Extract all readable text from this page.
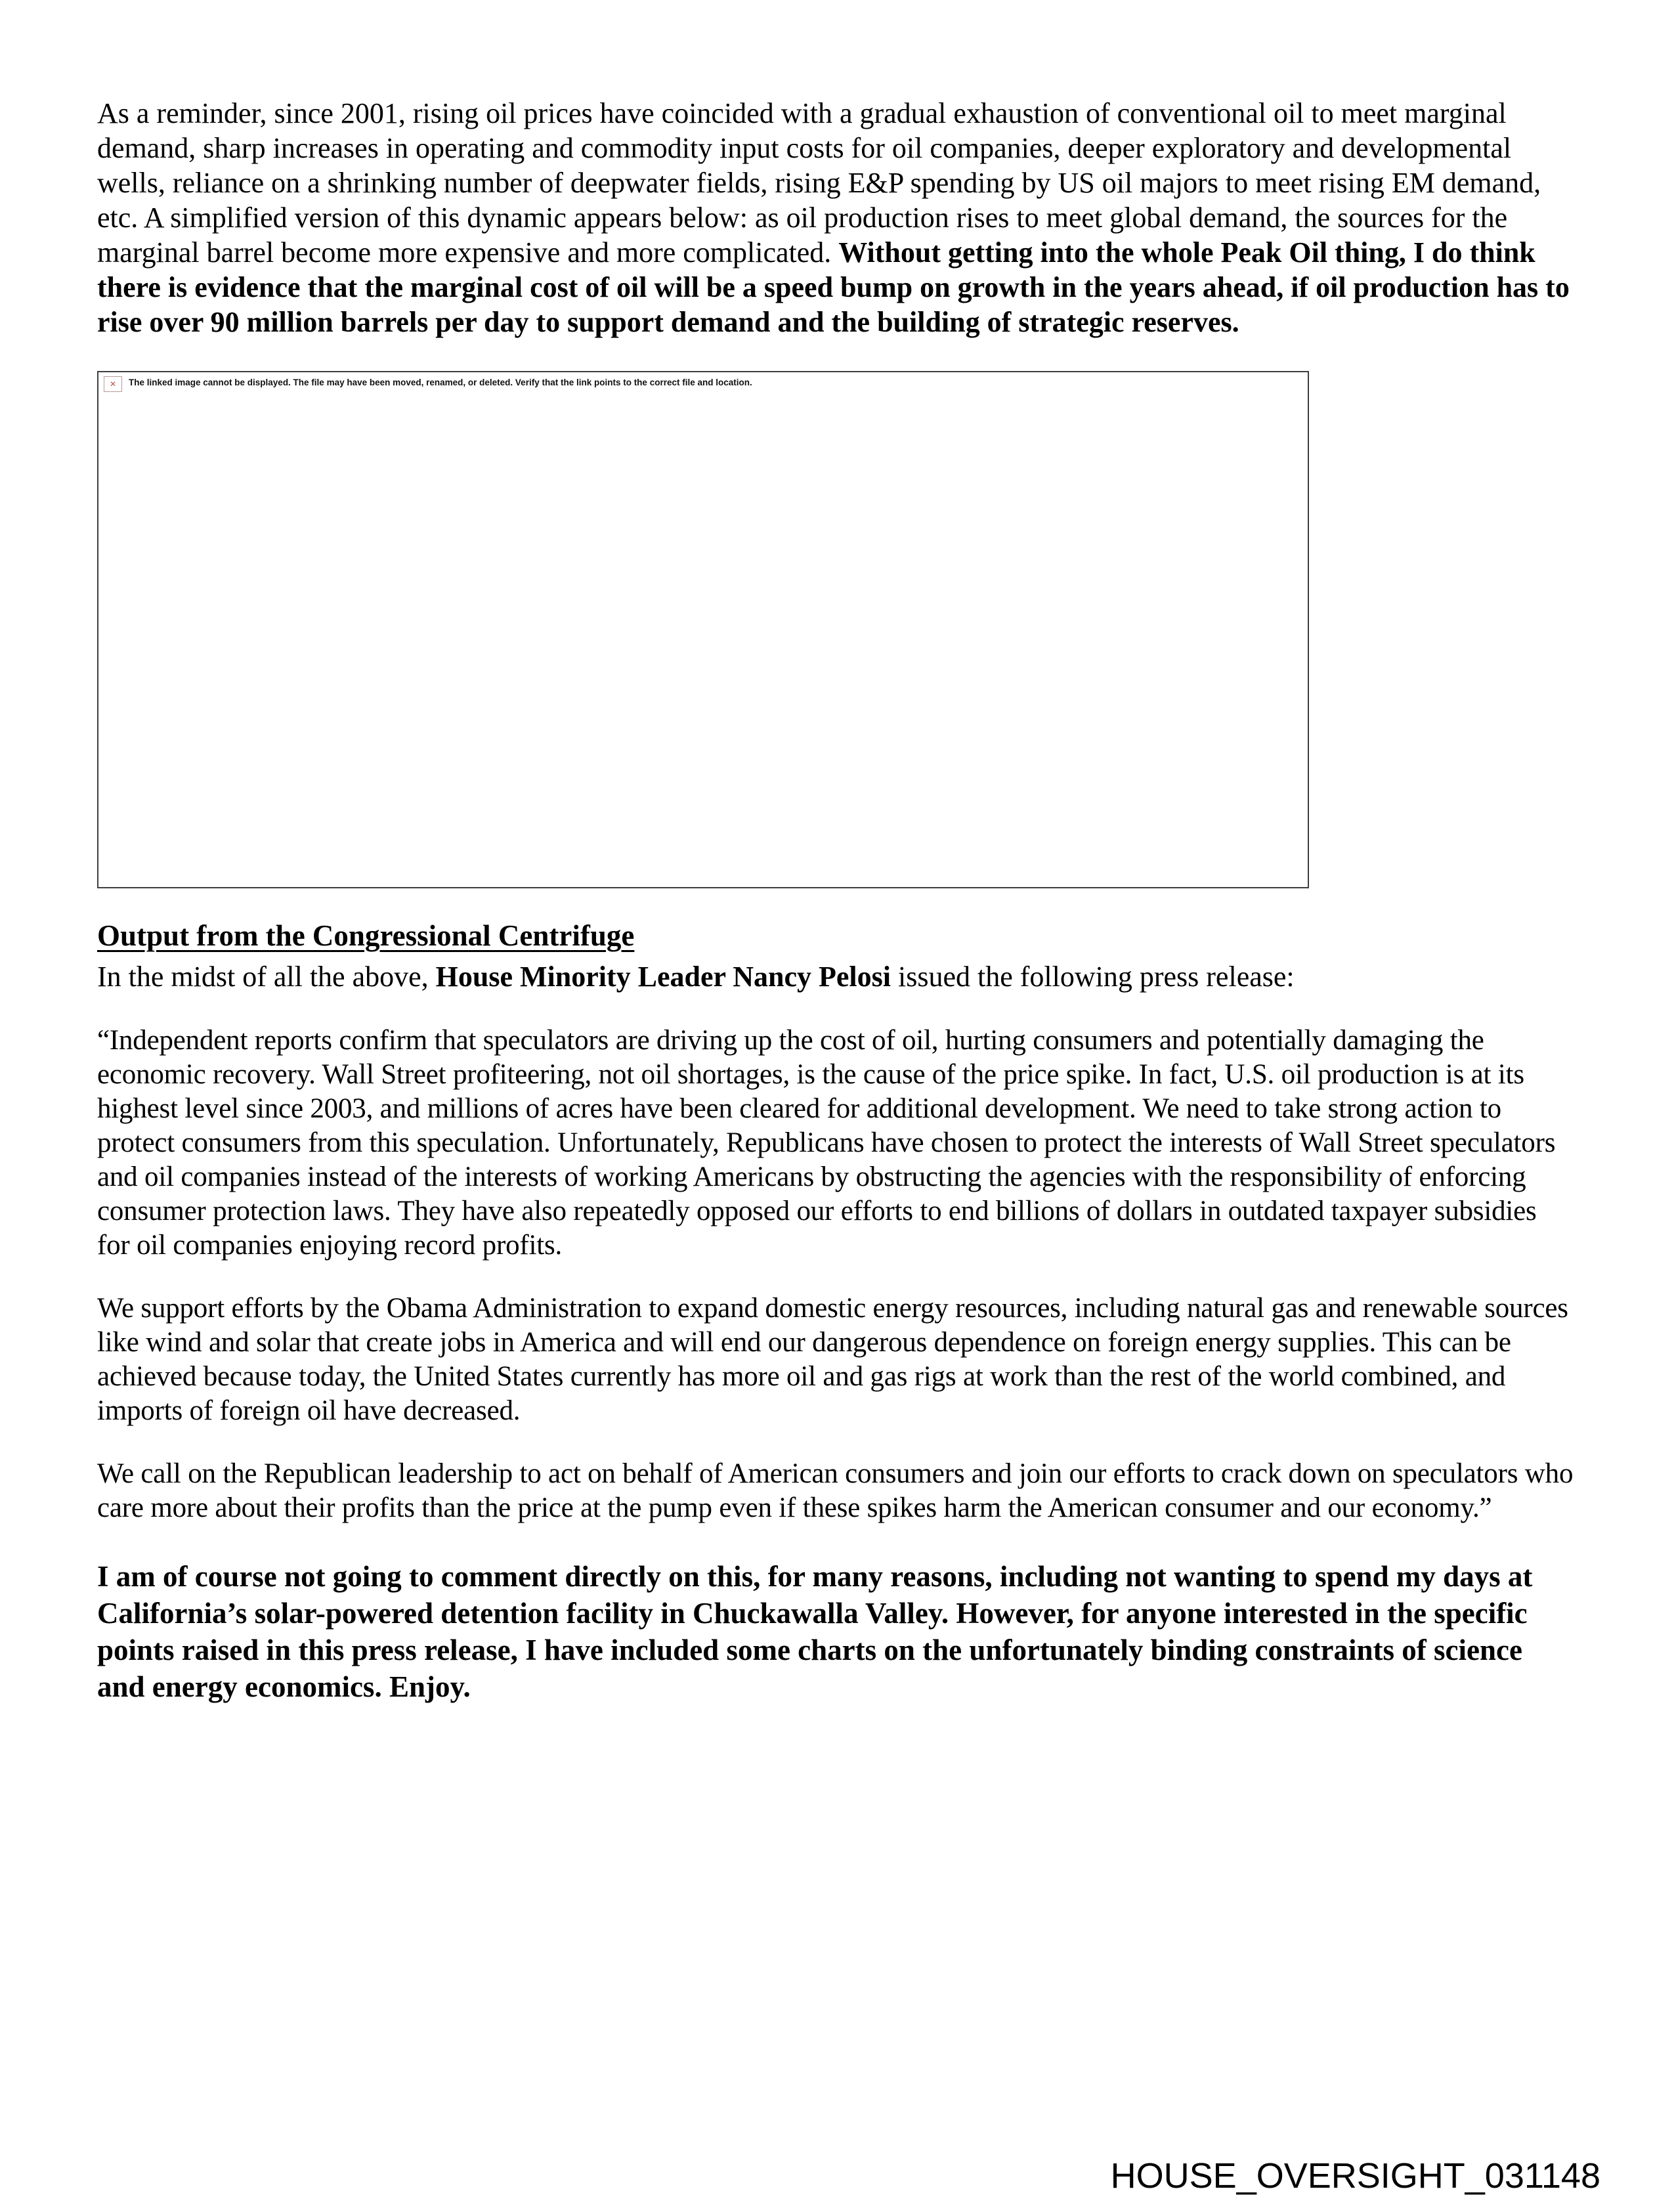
As a reminder, since 2001, rising oil prices have coincided with a gradual exhaustion of conventional oil to meet marginal demand, sharp increases in operating and commodity input costs for oil companies, deeper exploratory and developmental wells, reliance on a shrinking number of deepwater fields, rising E&P spending by US oil majors to meet rising EM demand, etc. A simplified version of this dynamic appears below: as oil production rises to meet global demand, the sources for the marginal barrel become more expensive and more complicated. Without getting into the whole Peak Oil thing, I do think there is evidence that the marginal cost of oil will be a speed bump on growth in the years ahead, if oil production has to rise over 90 million barrels per day to support demand and the building of strategic reserves.

✕	The linked image cannot be displayed. The file may have been moved, renamed, or deleted. Verify that the link points to the correct file and location.
Output from the Congressional Centrifuge

In the midst of all the above, House Minority Leader Nancy Pelosi issued the following press release:

“Independent reports confirm that speculators are driving up the cost of oil, hurting consumers and potentially damaging the economic recovery. Wall Street profiteering, not oil shortages, is the cause of the price spike. In fact, U.S. oil production is at its highest level since 2003, and millions of acres have been cleared for additional development. We need to take strong action to protect consumers from this speculation. Unfortunately, Republicans have chosen to protect the interests of Wall Street speculators and oil companies instead of the interests of working Americans by obstructing the agencies with the responsibility of enforcing consumer protection laws. They have also repeatedly opposed our efforts to end billions of dollars in outdated taxpayer subsidies for oil companies enjoying record profits.

We support efforts by the Obama Administration to expand domestic energy resources, including natural gas and renewable sources like wind and solar that create jobs in America and will end our dangerous dependence on foreign energy supplies. This can be achieved because today, the United States currently has more oil and gas rigs at work than the rest of the world combined, and imports of foreign oil have decreased.

We call on the Republican leadership to act on behalf of American consumers and join our efforts to crack down on speculators who care more about their profits than the price at the pump even if these spikes harm the American consumer and our economy.”

I am of course not going to comment directly on this, for many reasons, including not wanting to spend my days at California’s solar-powered detention facility in Chuckawalla Valley. However, for anyone interested in the specific points raised in this press release, I have included some charts on the unfortunately binding constraints of science and energy economics. Enjoy.

HOUSE_OVERSIGHT_031148
